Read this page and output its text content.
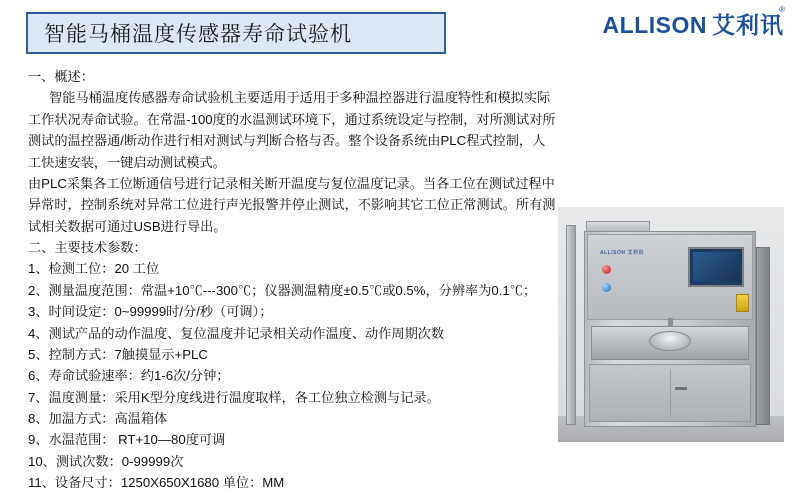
智能马桶温度传感器寿命试验机	ALLISON 艾利讯
®

一、概述：

智能马桶温度传感器寿命试验机主要适用于适用于多种温控器进行温度特性和模拟实际工作状况寿命试验。在常温-100度的水温测试环境下，通过系统设定与控制，对所测试对所测试的温控器通/断动作进行相对测试与判断合格与否。整个设备系统由PLC程式控制，人工快速安装，一键启动测试模式。

由PLC采集各工位断通信号进行记录相关断开温度与复位温度记录。当各工位在测试过程中异常时，控制系统对异常工位进行声光报警并停止测试，不影响其它工位正常测试。所有测试相关数据可通过USB进行导出。

二、主要技术参数：

1、检测工位：20 工位
2、测量温度范围：常温+10℃---300℃；仪器测温精度±0.5℃或0.5%，分辨率为0.1℃；
3、时间设定：0~99999时/分/秒（可调）；
4、测试产品的动作温度、复位温度并记录相关动作温度、动作周期次数
5、控制方式：7触摸显示+PLC
6、寿命试验速率：约1-6次/分钟；
7、温度测量：采用K型分度线进行温度取样，各工位独立检测与记录。
8、加温方式：高温箱体
9、水温范围： RT+10—80度可调
10、测试次数：0-99999次
11、设备尺寸：1250X650X1680 单位：MM
ALLISON 艾利讯
